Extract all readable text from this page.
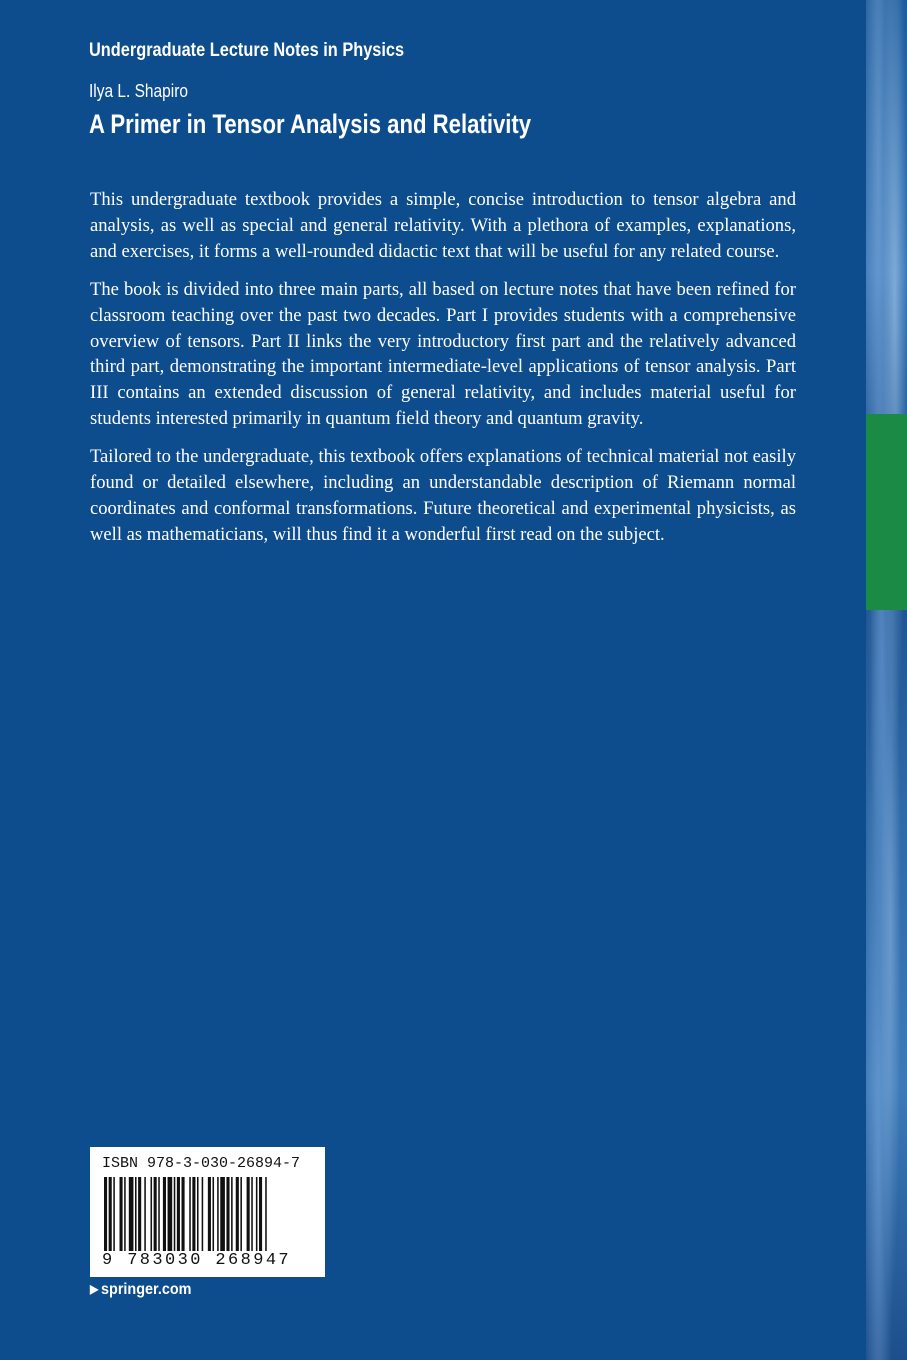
Undergraduate Lecture Notes in Physics
Ilya L. Shapiro
A Primer in Tensor Analysis and Relativity

This undergraduate textbook provides a simple, concise introduction to tensor algebra and analysis, as well as special and general relativity. With a plethora of examples, explanations, and exercises, it forms a well-rounded didactic text that will be useful for any related course.

The book is divided into three main parts, all based on lecture notes that have been refined for classroom teaching over the past two decades. Part I provides students with a comprehensive overview of tensors. Part II links the very introductory first part and the relatively advanced third part, demonstrating the important intermediate-level applications of tensor analysis. Part III contains an extended discussion of general relativity, and includes material useful for students interested primarily in quantum field theory and quantum gravity.

Tailored to the undergraduate, this textbook offers explanations of technical material not easily found or detailed elsewhere, including an understandable description of Riemann normal coordinates and conformal transformations. Future theoretical and experimental physicists, as well as mathematicians, will thus find it a wonderful first read on the subject.

ISBN 978-3-030-26894-7
9 783030 268947
▶ springer.com
